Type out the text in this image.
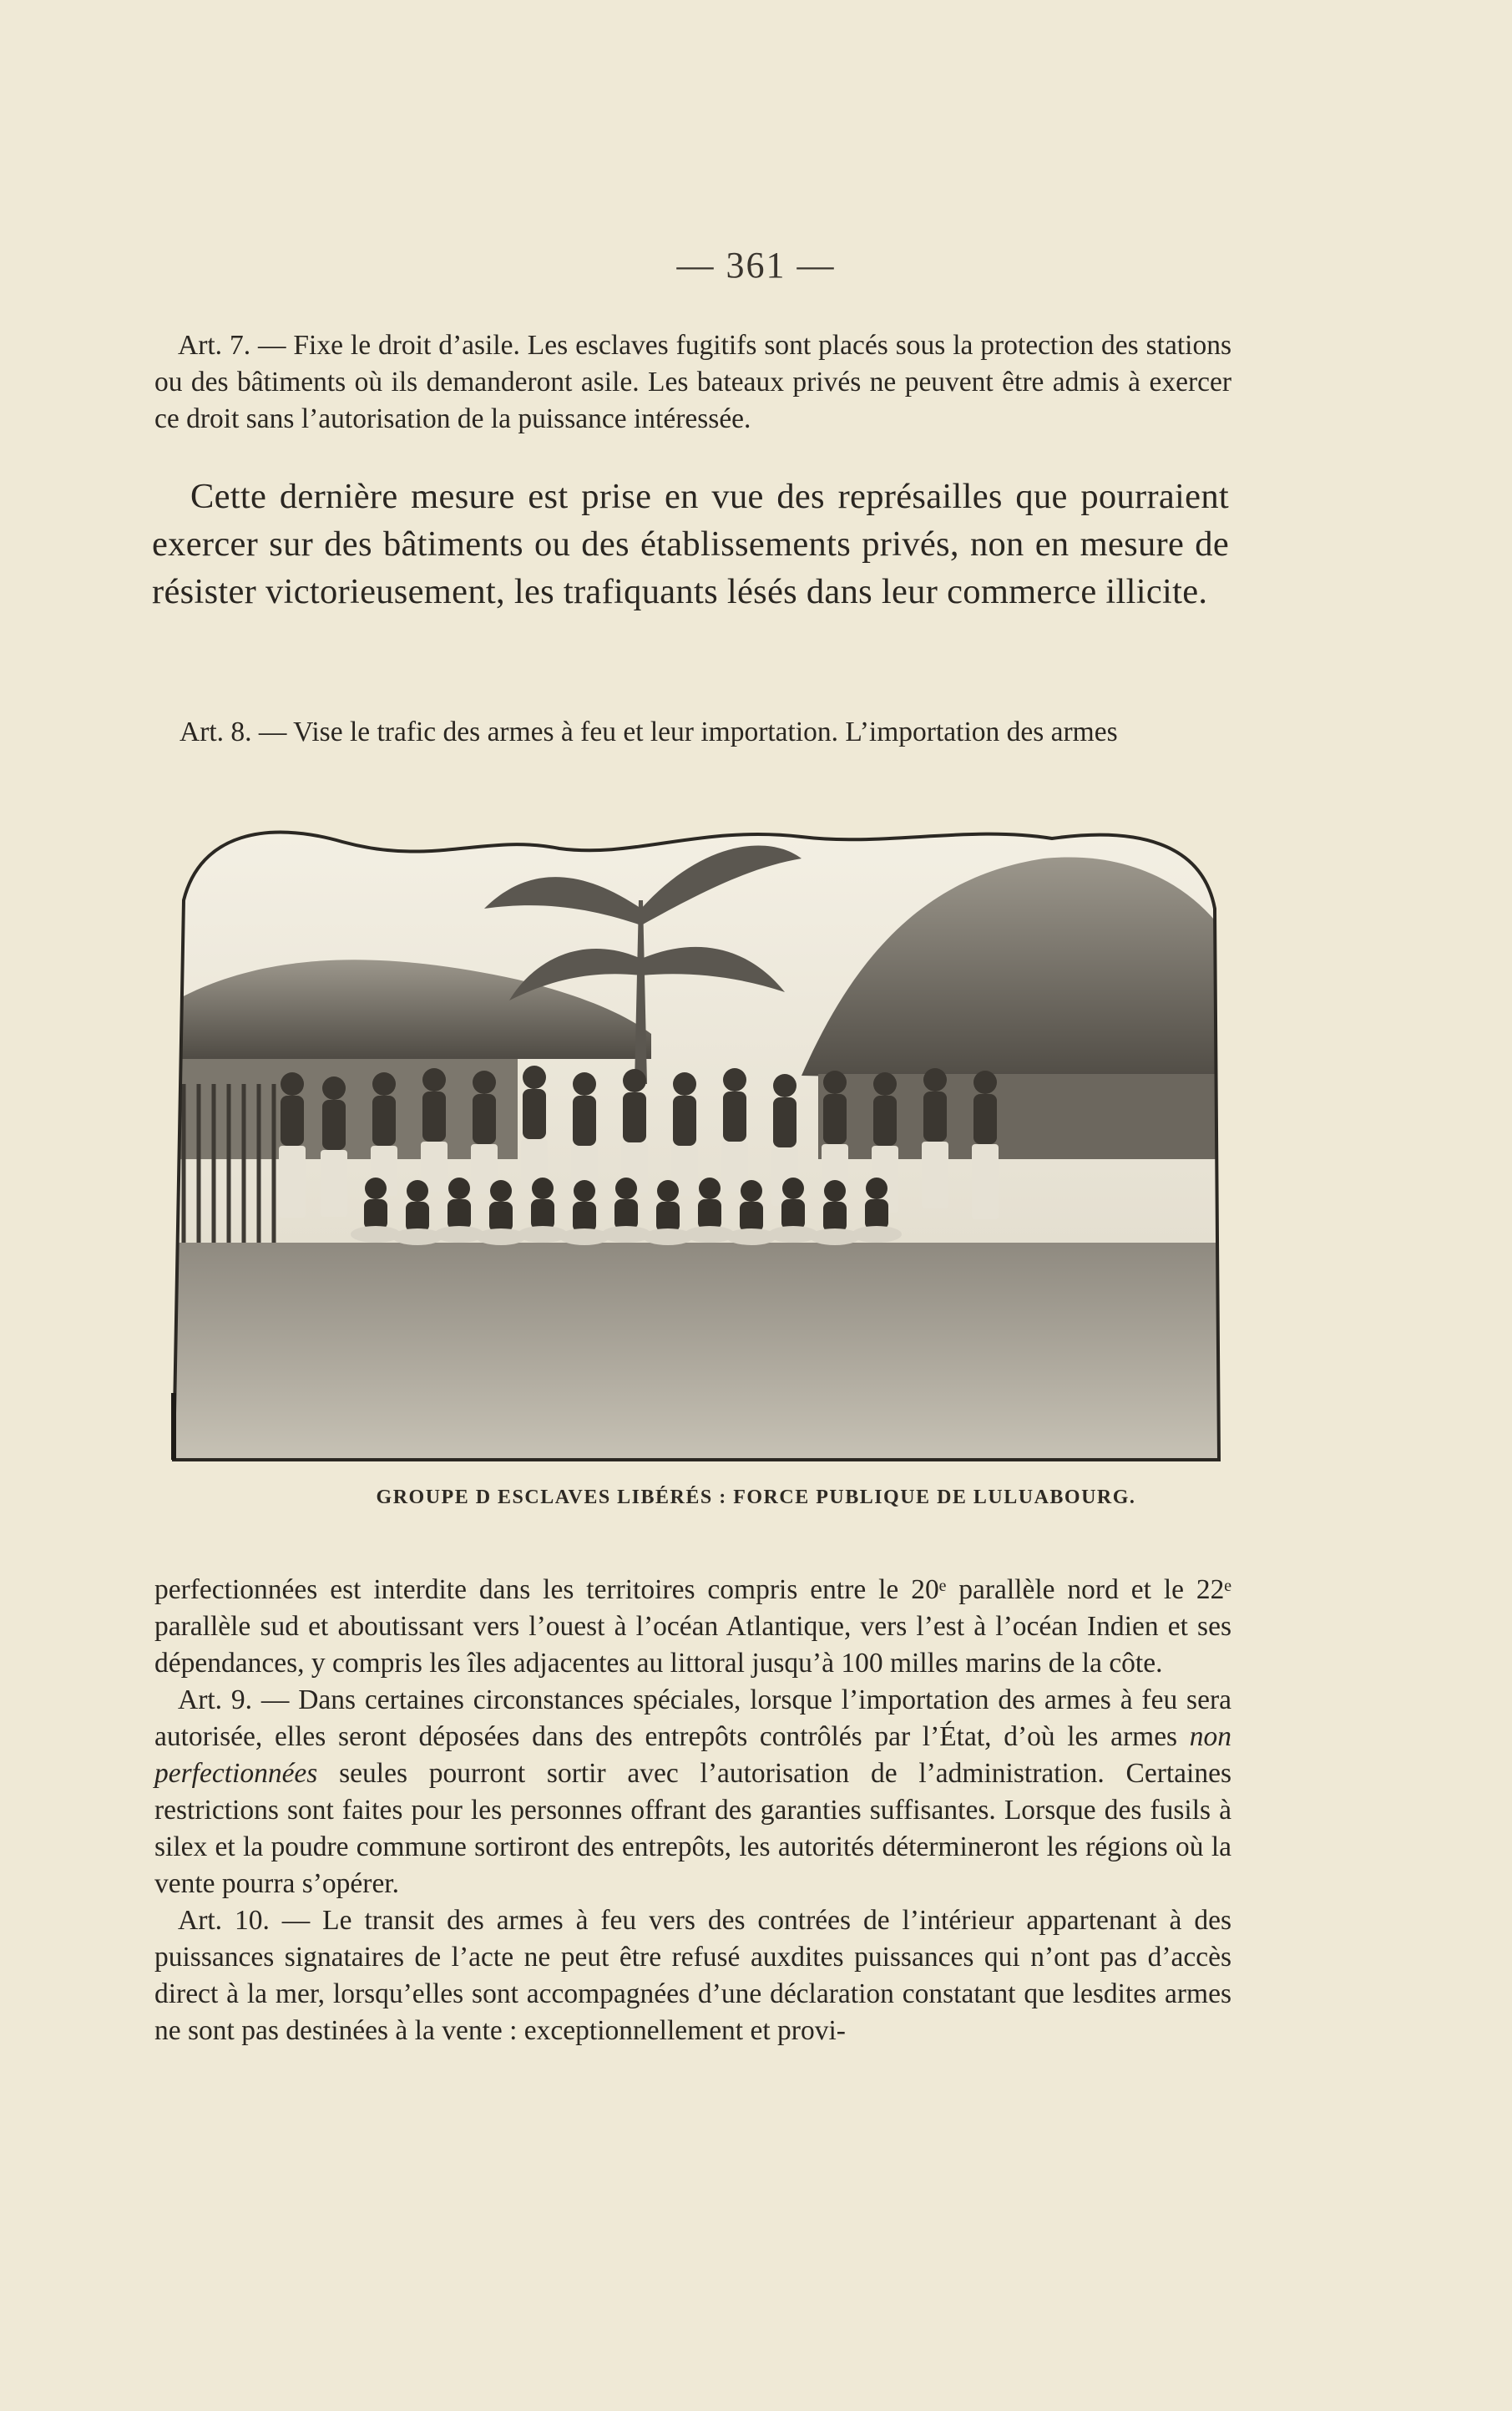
— 361 —

Art. 7. — Fixe le droit d’asile. Les esclaves fugitifs sont placés sous la protection des stations ou des bâtiments où ils demanderont asile. Les bateaux privés ne peuvent être admis à exercer ce droit sans l’autorisation de la puissance intéressée.

Cette dernière mesure est prise en vue des représailles que pourraient exercer sur des bâtiments ou des établissements privés, non en mesure de résister victorieusement, les trafiquants lésés dans leur commerce illicite.

Art. 8. — Vise le trafic des armes à feu et leur importation. L’importation des armes

GROUPE D ESCLAVES LIBÉRÉS : FORCE PUBLIQUE DE LULUABOURG.

perfectionnées est interdite dans les territoires compris entre le 20ᵉ parallèle nord et le 22ᵉ parallèle sud et aboutissant vers l’ouest à l’océan Atlantique, vers l’est à l’océan Indien et ses dépendances, y compris les îles adjacentes au littoral jusqu’à 100 milles marins de la côte.

Art. 9. — Dans certaines circonstances spéciales, lorsque l’importation des armes à feu sera autorisée, elles seront déposées dans des entrepôts contrôlés par l’État, d’où les armes non perfectionnées seules pourront sortir avec l’autorisation de l’administration. Certaines restrictions sont faites pour les personnes offrant des garanties suffisantes. Lorsque des fusils à silex et la poudre commune sortiront des entrepôts, les autorités détermineront les régions où la vente pourra s’opérer.

Art. 10. — Le transit des armes à feu vers des contrées de l’intérieur appartenant à des puissances signataires de l’acte ne peut être refusé auxdites puissances qui n’ont pas d’accès direct à la mer, lorsqu’elles sont accompagnées d’une déclaration constatant que lesdites armes ne sont pas destinées à la vente : exceptionnellement et provi-
